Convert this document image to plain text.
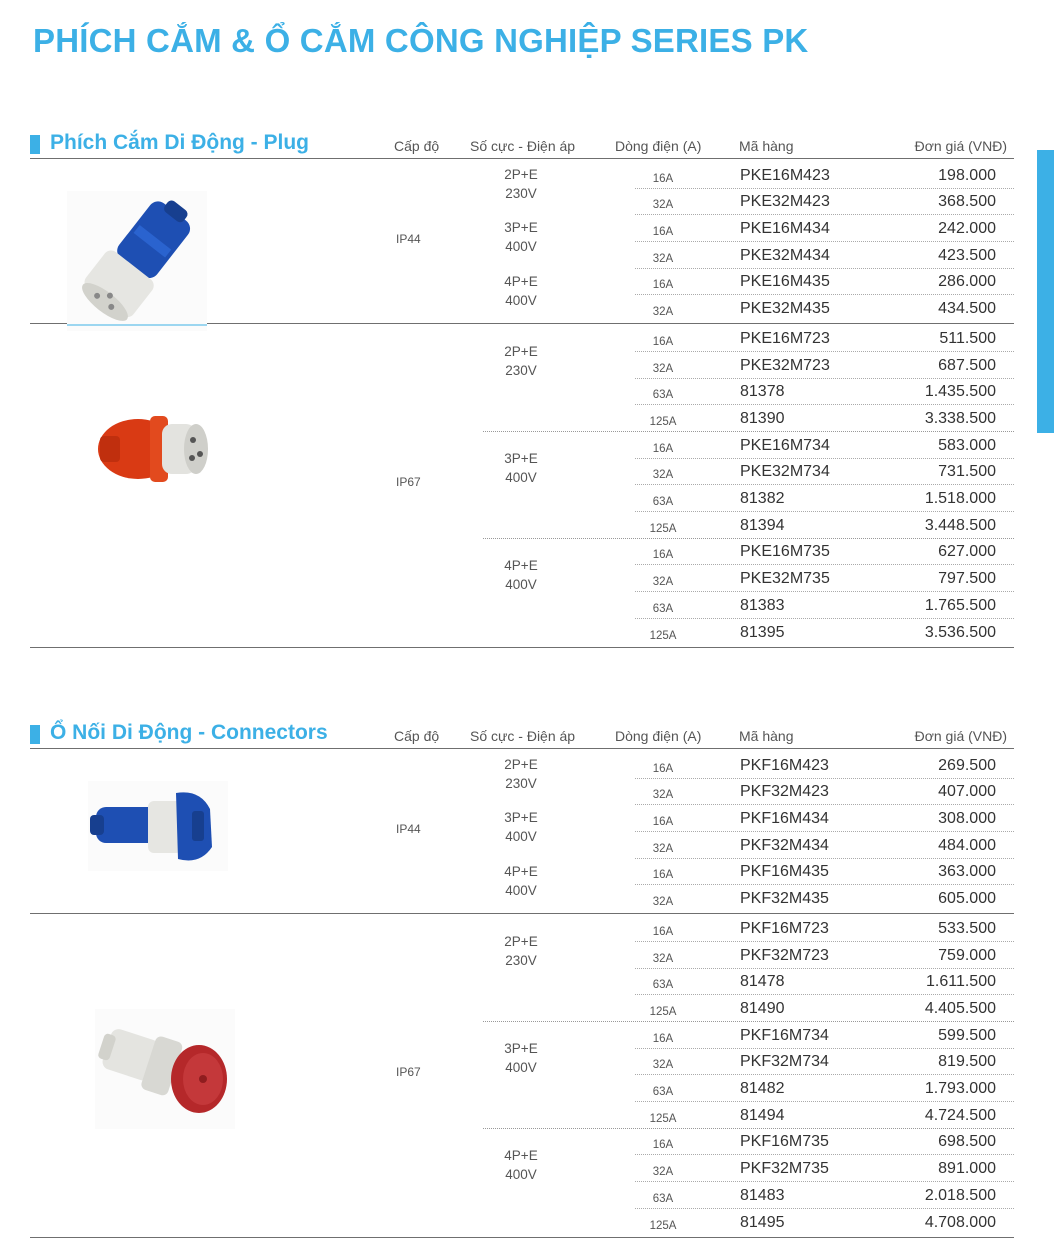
PHÍCH CẮM & Ổ CẮM CÔNG NGHIỆP SERIES PK
Phích Cắm Di Động - Plug	Cấp độ Số cực - Điện áp	Dòng điện (A)	Mã hàng	Đơn giá (VNĐ)
IP44
2P+E
230V
16A	PKE16M423	198.000
32A	PKE32M423	368.500
3P+E
400V
16A	PKE16M434	242.000
32A	PKE32M434	423.500
4P+E
400V
16A	PKE16M435	286.000
32A	PKE32M435	434.500
IP67
2P+E
230V
16A	PKE16M723	511.500
32A	PKE32M723	687.500
63A	81378	1.435.500
125A	81390	3.338.500
3P+E
400V
16A	PKE16M734	583.000
32A	PKE32M734	731.500
63A	81382	1.518.000
125A	81394	3.448.500
4P+E
400V
16A	PKE16M735	627.000
32A	PKE32M735	797.500
63A	81383	1.765.500
125A	81395	3.536.500
Ổ Nối Di Động - Connectors	Cấp độ Số cực - Điện áp	Dòng điện (A)	Mã hàng	Đơn giá (VNĐ)
IP44
2P+E
230V
16A	PKF16M423	269.500
32A	PKF32M423	407.000
3P+E
400V
16A	PKF16M434	308.000
32A	PKF32M434	484.000
4P+E
400V
16A	PKF16M435	363.000
32A	PKF32M435	605.000
IP67
2P+E
230V
16A	PKF16M723	533.500
32A	PKF32M723	759.000
63A	81478	1.611.500
125A	81490	4.405.500
3P+E
400V
16A	PKF16M734	599.500
32A	PKF32M734	819.500
63A	81482	1.793.000
125A	81494	4.724.500
4P+E
400V
16A	PKF16M735	698.500
32A	PKF32M735	891.000
63A	81483	2.018.500
125A	81495	4.708.000
